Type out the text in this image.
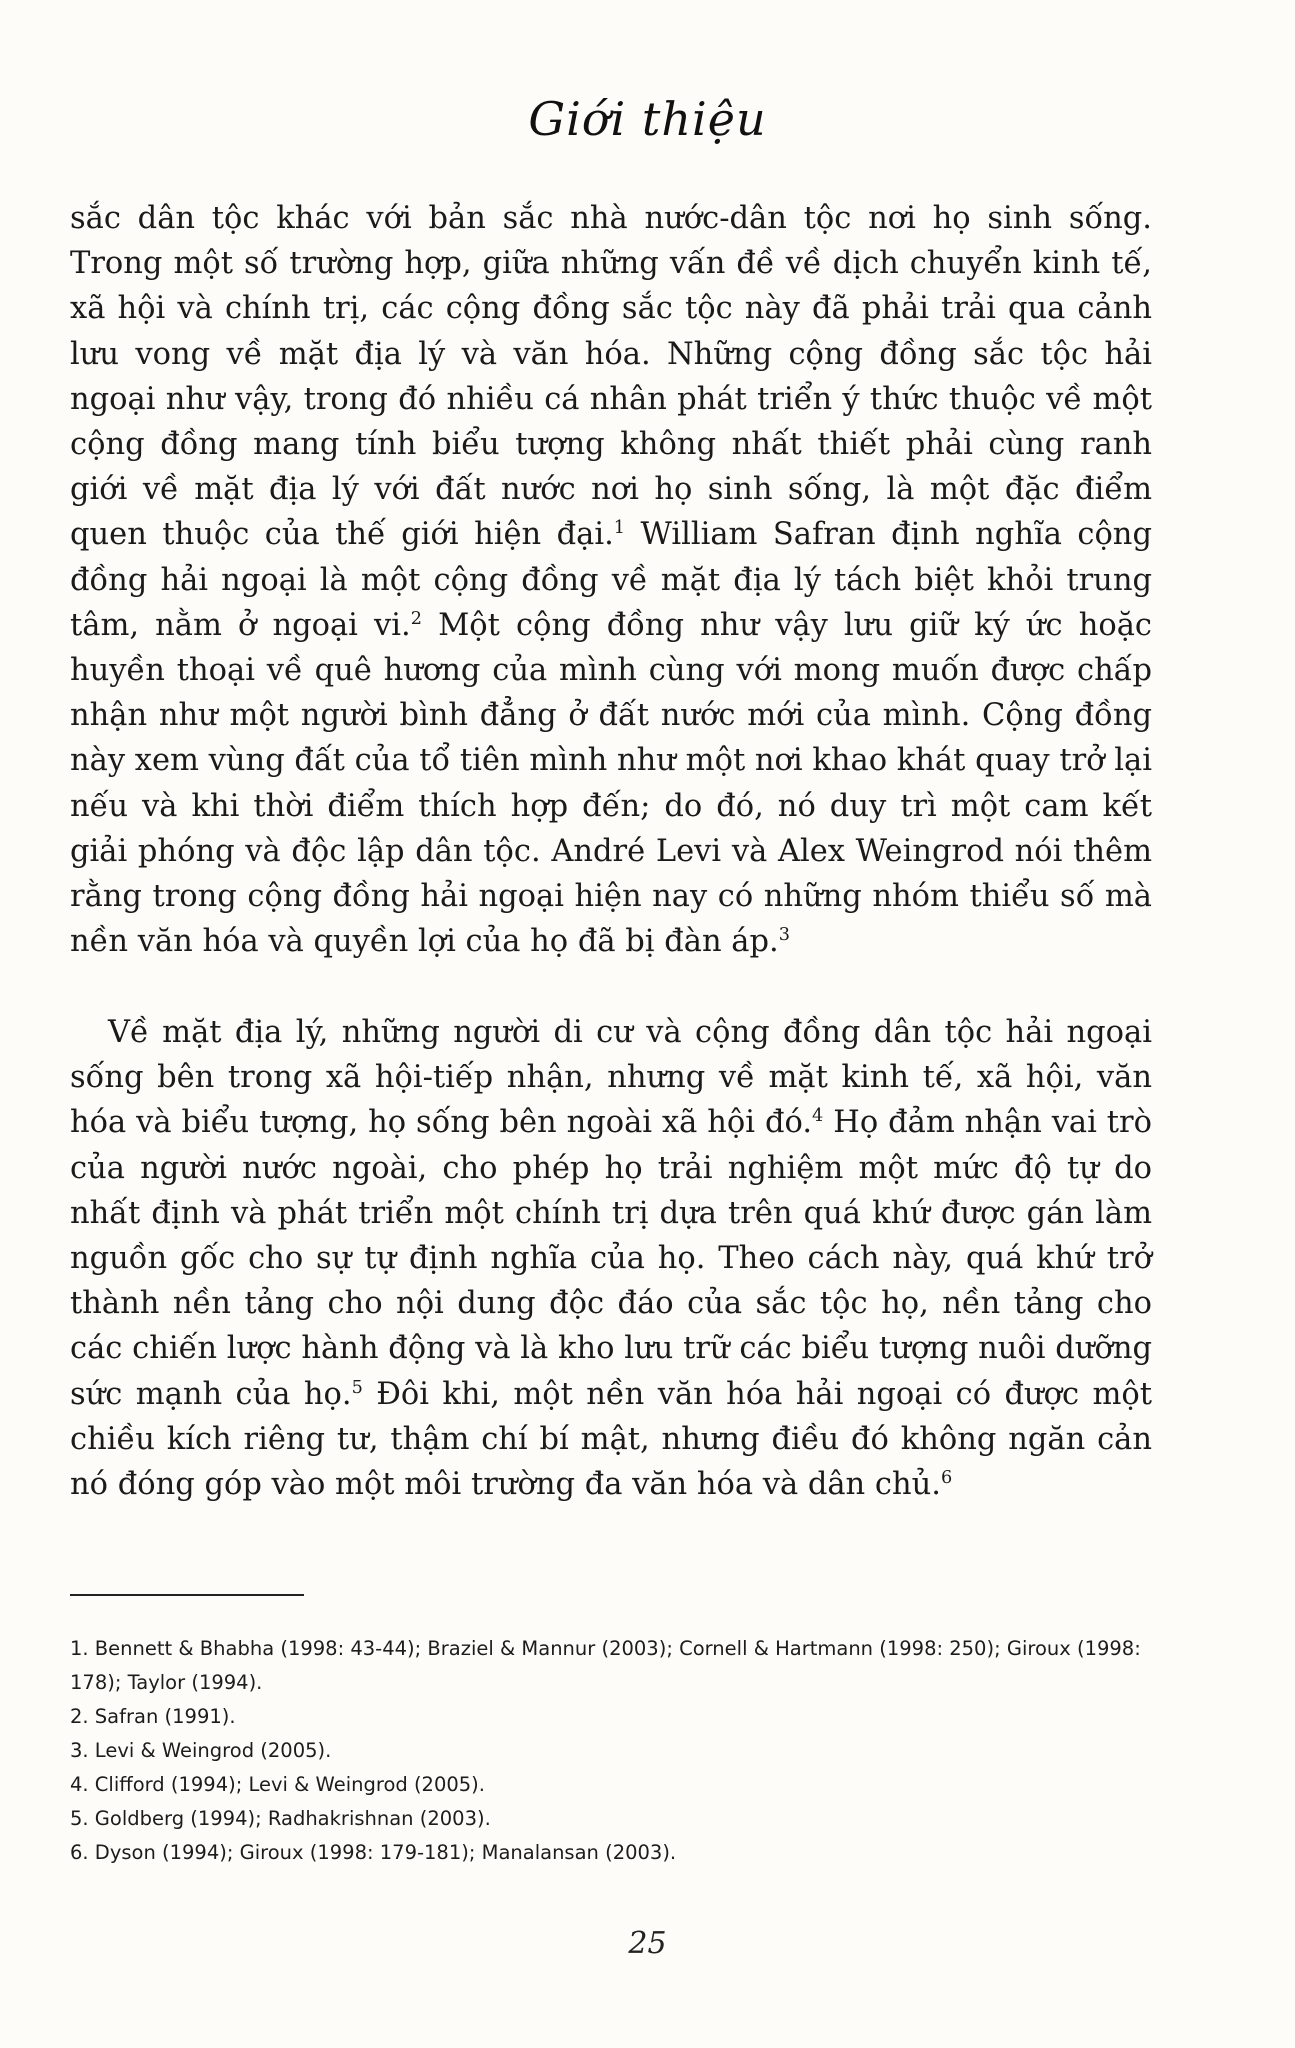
Giới thiệu

sắc dân tộc khác với bản sắc nhà nước-dân tộc nơi họ sinh sống. Trong một số trường hợp, giữa những vấn đề về dịch chuyển kinh tế, xã hội và chính trị, các cộng đồng sắc tộc này đã phải trải qua cảnh lưu vong về mặt địa lý và văn hóa. Những cộng đồng sắc tộc hải ngoại như vậy, trong đó nhiều cá nhân phát triển ý thức thuộc về một cộng đồng mang tính biểu tượng không nhất thiết phải cùng ranh giới về mặt địa lý với đất nước nơi họ sinh sống, là một đặc điểm quen thuộc của thế giới hiện đại.$^1$ William Safran định nghĩa cộng đồng hải ngoại là một cộng đồng về mặt địa lý tách biệt khỏi trung tâm, nằm ở ngoại vi.$^2$ Một cộng đồng như vậy lưu giữ ký ức hoặc huyền thoại về quê hương của mình cùng với mong muốn được chấp nhận như một người bình đẳng ở đất nước mới của mình. Cộng đồng này xem vùng đất của tổ tiên mình như một nơi khao khát quay trở lại nếu và khi thời điểm thích hợp đến; do đó, nó duy trì một cam kết giải phóng và độc lập dân tộc. André Levi và Alex Weingrod nói thêm rằng trong cộng đồng hải ngoại hiện nay có những nhóm thiểu số mà nền văn hóa và quyền lợi của họ đã bị đàn áp.$^3$

Về mặt địa lý, những người di cư và cộng đồng dân tộc hải ngoại sống bên trong xã hội-tiếp nhận, nhưng về mặt kinh tế, xã hội, văn hóa và biểu tượng, họ sống bên ngoài xã hội đó.$^4$ Họ đảm nhận vai trò của người nước ngoài, cho phép họ trải nghiệm một mức độ tự do nhất định và phát triển một chính trị dựa trên quá khứ được gán làm nguồn gốc cho sự tự định nghĩa của họ. Theo cách này, quá khứ trở thành nền tảng cho nội dung độc đáo của sắc tộc họ, nền tảng cho các chiến lược hành động và là kho lưu trữ các biểu tượng nuôi dưỡng sức mạnh của họ.$^5$ Đôi khi, một nền văn hóa hải ngoại có được một chiều kích riêng tư, thậm chí bí mật, nhưng điều đó không ngăn cản nó đóng góp vào một môi trường đa văn hóa và dân chủ.$^6$

1. Bennett & Bhabha (1998: 43-44); Braziel & Mannur (2003); Cornell & Hartmann (1998: 250); Giroux (1998: 178); Taylor (1994).
2. Safran (1991).
3. Levi & Weingrod (2005).
4. Clifford (1994); Levi & Weingrod (2005).
5. Goldberg (1994); Radhakrishnan (2003).
6. Dyson (1994); Giroux (1998: 179-181); Manalansan (2003).
25
